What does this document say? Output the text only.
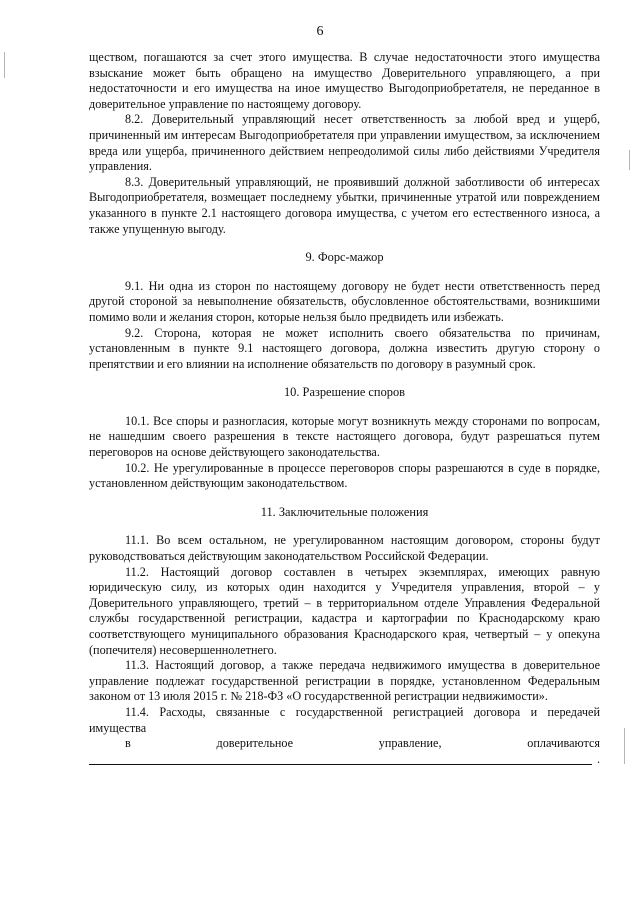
6

ществом, погашаются за счет этого имущества. В случае недостаточности этого имущества взыскание может быть обращено на имущество Доверительного управляющего, а при недостаточности и его имущества на иное имущество Выгодоприобретателя, не переданное в доверительное управление по настоящему договору.

8.2. Доверительный управляющий несет ответственность за любой вред и ущерб, причиненный им интересам Выгодоприобретателя при управлении имуществом, за исключением вреда или ущерба, причиненного действием непреодолимой силы либо действиями Учредителя управления.

8.3. Доверительный управляющий, не проявивший должной заботливости об интересах Выгодоприобретателя, возмещает последнему убытки, причиненные утратой или повреждением указанного в пункте 2.1 настоящего договора имущества, с учетом его естественного износа, а также упущенную выгоду.

9. Форс-мажор

9.1. Ни одна из сторон по настоящему договору не будет нести ответственность перед другой стороной за невыполнение обязательств, обусловленное обстоятельствами, возникшими помимо воли и желания сторон, которые нельзя было предвидеть или избежать.

9.2. Сторона, которая не может исполнить своего обязательства по причинам, установленным в пункте 9.1 настоящего договора, должна известить другую сторону о препятствии и его влиянии на исполнение обязательств по договору в разумный срок.

10. Разрешение споров

10.1. Все споры и разногласия, которые могут возникнуть между сторонами по вопросам, не нашедшим своего разрешения в тексте настоящего договора, будут разрешаться путем переговоров на основе действующего законодательства.

10.2. Не урегулированные в процессе переговоров споры разрешаются в суде в порядке, установленном действующим законодательством.

11. Заключительные положения

11.1. Во всем остальном, не урегулированном настоящим договором, стороны будут руководствоваться действующим законодательством Российской Федерации.

11.2. Настоящий договор составлен в четырех экземплярах, имеющих равную юридическую силу, из которых один находится у Учредителя управления, второй – у Доверительного управляющего, третий – в территориальном отделе Управления Федеральной службы государственной регистрации, кадастра и картографии по Краснодарскому краю соответствующего муниципального образования Краснодарского края, четвертый – у опекуна (попечителя) несовершеннолетнего.

11.3. Настоящий договор, а также передача недвижимого имущества в доверительное управление подлежат государственной регистрации в порядке, установленном Федеральным законом от 13 июля 2015 г. № 218-ФЗ «О государственной регистрации недвижимости».

11.4. Расходы, связанные с государственной регистрацией договора и передачей имущества

в	доверительное	управление,	оплачиваются
.
